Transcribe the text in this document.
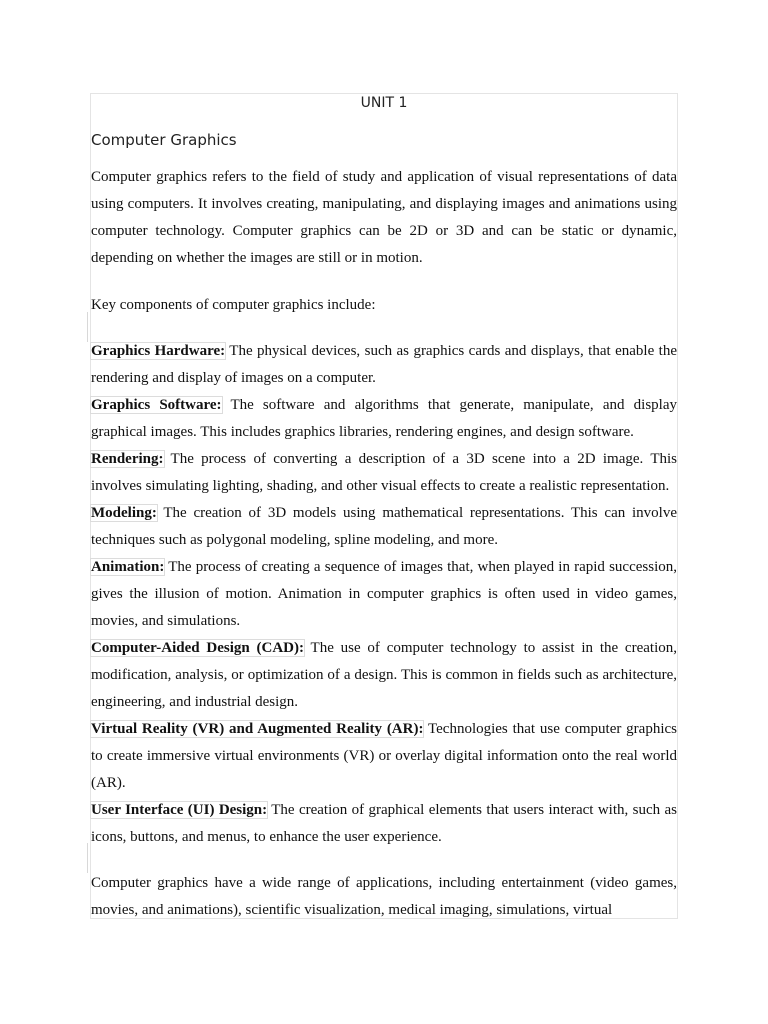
UNIT 1

Computer Graphics

Computer graphics refers to the field of study and application of visual representations of data using computers. It involves creating, manipulating, and displaying images and animations using computer technology. Computer graphics can be 2D or 3D and can be static or dynamic, depending on whether the images are still or in motion.

Key components of computer graphics include:

Graphics Hardware: The physical devices, such as graphics cards and displays, that enable the rendering and display of images on a computer.

Graphics Software: The software and algorithms that generate, manipulate, and display graphical images. This includes graphics libraries, rendering engines, and design software.

Rendering: The process of converting a description of a 3D scene into a 2D image. This involves simulating lighting, shading, and other visual effects to create a realistic representation.

Modeling: The creation of 3D models using mathematical representations. This can involve techniques such as polygonal modeling, spline modeling, and more.

Animation: The process of creating a sequence of images that, when played in rapid succession, gives the illusion of motion. Animation in computer graphics is often used in video games, movies, and simulations.

Computer-Aided Design (CAD): The use of computer technology to assist in the creation, modification, analysis, or optimization of a design. This is common in fields such as architecture, engineering, and industrial design.

Virtual Reality (VR) and Augmented Reality (AR): Technologies that use computer graphics to create immersive virtual environments (VR) or overlay digital information onto the real world (AR).

User Interface (UI) Design: The creation of graphical elements that users interact with, such as icons, buttons, and menus, to enhance the user experience.

Computer graphics have a wide range of applications, including entertainment (video games, movies, and animations), scientific visualization, medical imaging, simulations, virtual
